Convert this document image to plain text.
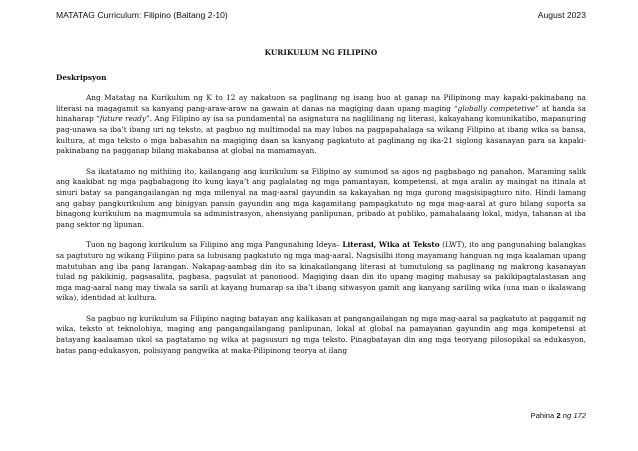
MATATAG Curriculum: Filipino (Baitang 2-10)	August 2023
KURIKULUM NG FILIPINO
Deskripsyon

Ang Matatag na Kurikulum ng K to 12 ay nakatuon sa paglinang ng isang buo at ganap na Pilipinong may kapaki-pakinabang na literasi na magagamit sa kanyang pang-araw-araw na gawain at danas na magiging daan upang maging “globally competetive” at handa sa hinaharap “future ready”. Ang Filipino ay isa sa pundamental na asignatura na naglilinang ng literasi, kakayahang komunikatibo, mapanuring pag-unawa sa iba’t ibang uri ng teksto, at pagbuo ng multimodal na may lubos na pagpapahalaga sa wikang Filipino at ibang wika sa bansa, kultura, at mga teksto o mga babasahin na magiging daan sa kanyang pagkatuto at paglinang ng ika-21 siglong kasanayan para sa kapaki-pakinabang na pagganap bilang makabansa at global na mamamayan.

Sa ikatatamo ng mithiing ito, kailangang ang kurikulum sa Filipino ay sumunod sa agos ng pagbabago ng panahon. Maraming salik ang kaakibat ng mga pagbabagong ito kung kaya’t ang paglalatag ng mga pamantayan, kompetensi, at mga aralin ay maingat na itinala at sinuri batay sa pangangailangan ng mga milenyal na mag-aaral gayundin sa kakayahan ng mga gurong magsisipagturo nito. Hindi lamang ang gabay pangkurikulum ang binigyan pansin gayundin ang mga kagamitang pampagkatuto ng mga mag-aaral at guro bilang suporta sa binagong kurikulum na magmumula sa administrasyon, ahensiyang panlipunan, pribado at publiko, pamahalaang lokal, midya, tahanan at iba pang sektor ng lipunan.

Tuon ng bagong kurikulum sa Filipino ang mga Pangunahing Ideya– Literasi, Wika at Teksto (LWT), ito ang pangunahing balangkas sa pagtuturo ng wikang Filipino para sa lubusang pagkatuto ng mga mag-aaral. Nagsisilbi itong mayamang hanguan ng mga kaalaman upang matutuhan ang iba pang larangan. Nakapag-aambag din ito sa kinakailangang literasi at tumutulong sa paglinang ng makrong kasanayan tulad ng pakikinig, pagsasalita, pagbasa, pagsulat at panonood. Magiging daan din ito upang maging mahusay sa pakikipagtalastasan ang mga mag-aaral nang may tiwala sa sarili at kayang humarap sa iba’t ibang sitwasyon gamit ang kanyang sariling wika (una man o ikalawang wika), identidad at kultura.

Sa pagbuo ng kurikulum sa Filipino naging batayan ang kalikasan at pangangailangan ng mga mag-aaral sa pagkatuto at paggamit ng wika, teksto at teknolohiya, maging ang pangangailangang panlipunan, lokal at global na pamayanan gayundin ang mga kompetensi at batayang kaalaaman ukol sa pagtatamo ng wika at pagsusuri ng mga teksto. Pinagbatayan din ang mga teoryang pilosopikal sa edukasyon, batas pang-edukasyon, polisiyang pangwika at maka-Pilipinong teorya at ilang

Pahina 2 ng 172
